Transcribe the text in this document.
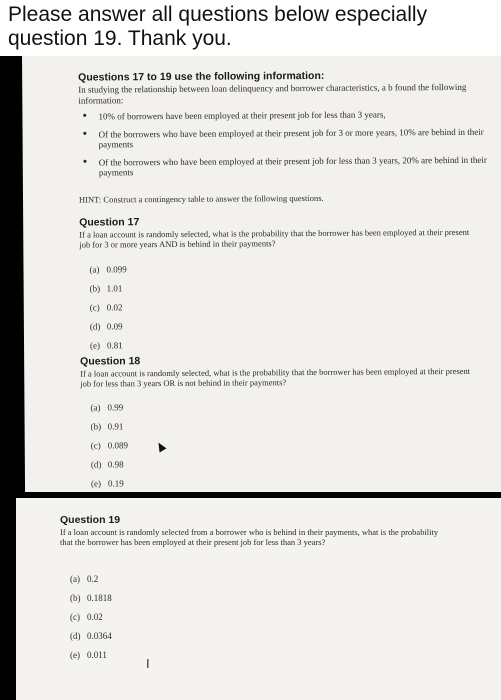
Please answer all questions below especially question 19. Thank you.

Questions 17 to 19 use the following information:
In studying the relationship between loan delinquency and borrower characteristics, a b found the following information:
• 10% of borrowers have been employed at their present job for less than 3 years,
• Of the borrowers who have been employed at their present job for 3 or more years, 10% are behind in their payments
• Of the borrowers who have been employed at their present job for less than 3 years, 20% are behind in their payments
HINT: Construct a contingency table to answer the following questions.
Question 17
If a loan account is randomly selected, what is the probability that the borrower has been employed at their present job for 3 or more years AND is behind in their payments?
(a) 0.099
(b) 1.01
(c) 0.02
(d) 0.09
(e) 0.81
Question 18
If a loan account is randomly selected, what is the probability that the borrower has been employed at their present job for less than 3 years OR is not behind in their payments?
(a) 0.99
(b) 0.91
(c) 0.089
(d) 0.98
(e) 0.19
Question 19
If a loan account is randomly selected from a borrower who is behind in their payments, what is the probability that the borrower has been employed at their present job for less than 3 years?
(a) 0.2
(b) 0.1818
(c) 0.02
(d) 0.0364
(e) 0.011
I
